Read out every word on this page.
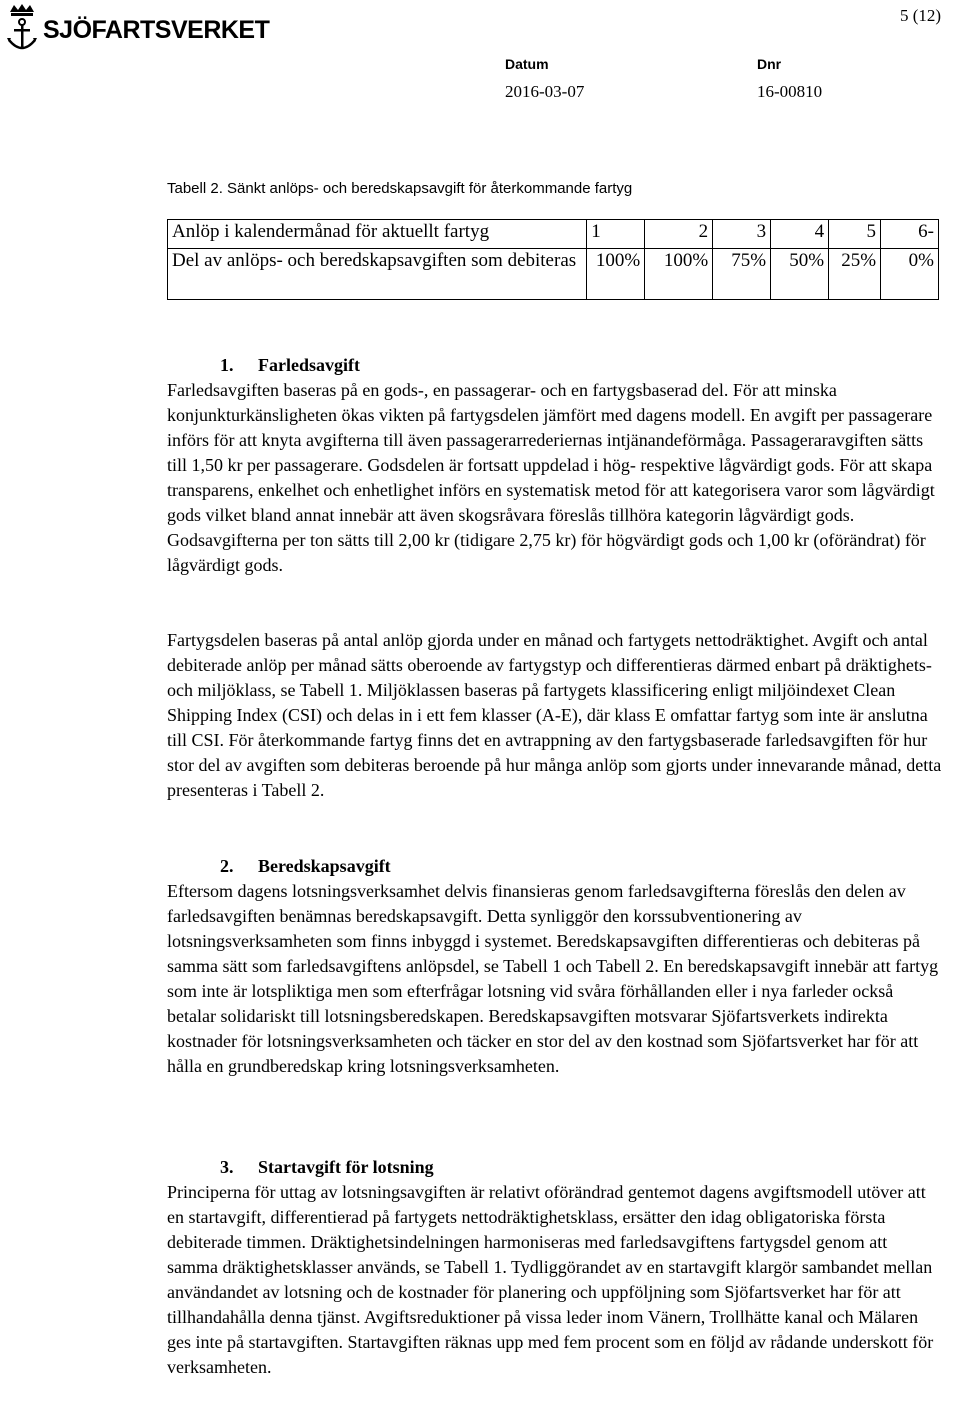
SJÖFARTSVERKET
5 (12)
Datum
2016-03-07
Dnr
16-00810
Tabell 2. Sänkt anlöps- och beredskapsavgift för återkommande fartyg
Anlöp i kalendermånad för aktuellt fartyg	1	2	3	4	5	6-
Del av anlöps- och beredskapsavgiften som debiteras	100%	100%	75%	50%	25%	0%
1. Farledsavgift

Farledsavgiften baseras på en gods-, en passagerar- och en fartygsbaserad del. För att minska konjunkturkänsligheten ökas vikten på fartygsdelen jämfört med dagens modell. En avgift per passagerare införs för att knyta avgifterna till även passagerarrederiernas intjänandeförmåga. Passageraravgiften sätts till 1,50 kr per passagerare. Godsdelen är fortsatt uppdelad i hög- respektive lågvärdigt gods. För att skapa transparens, enkelhet och enhetlighet införs en systematisk metod för att kategorisera varor som lågvärdigt gods vilket bland annat innebär att även skogsråvara föreslås tillhöra kategorin lågvärdigt gods. Godsavgifterna per ton sätts till 2,00 kr (tidigare 2,75 kr) för högvärdigt gods och 1,00 kr (oförändrat) för lågvärdigt gods.

Fartygsdelen baseras på antal anlöp gjorda under en månad och fartygets nettodräktighet. Avgift och antal debiterade anlöp per månad sätts oberoende av fartygstyp och differentieras därmed enbart på dräktighets- och miljöklass, se Tabell 1. Miljöklassen baseras på fartygets klassificering enligt miljöindexet Clean Shipping Index (CSI) och delas in i ett fem klasser (A-E), där klass E omfattar fartyg som inte är anslutna till CSI. För återkommande fartyg finns det en avtrappning av den fartygsbaserade farledsavgiften för hur stor del av avgiften som debiteras beroende på hur många anlöp som gjorts under innevarande månad, detta presenteras i Tabell 2.

2. Beredskapsavgift

Eftersom dagens lotsningsverksamhet delvis finansieras genom farledsavgifterna föreslås den delen av farledsavgiften benämnas beredskapsavgift. Detta synliggör den korssubventionering av lotsningsverksamheten som finns inbyggd i systemet. Beredskapsavgiften differentieras och debiteras på samma sätt som farledsavgiftens anlöpsdel, se Tabell 1 och Tabell 2. En beredskapsavgift innebär att fartyg som inte är lotspliktiga men som efterfrågar lotsning vid svåra förhållanden eller i nya farleder också betalar solidariskt till lotsningsberedskapen. Beredskapsavgiften motsvarar Sjöfartsverkets indirekta kostnader för lotsningsverksamheten och täcker en stor del av den kostnad som Sjöfartsverket har för att hålla en grundberedskap kring lotsningsverksamheten.

3. Startavgift för lotsning

Principerna för uttag av lotsningsavgiften är relativt oförändrad gentemot dagens avgiftsmodell utöver att en startavgift, differentierad på fartygets nettodräktighetsklass, ersätter den idag obligatoriska första debiterade timmen. Dräktighetsindelningen harmoniseras med farledsavgiftens fartygsdel genom att samma dräktighetsklasser används, se Tabell 1. Tydliggörandet av en startavgift klargör sambandet mellan användandet av lotsning och de kostnader för planering och uppföljning som Sjöfartsverket har för att tillhandahålla denna tjänst. Avgiftsreduktioner på vissa leder inom Vänern, Trollhätte kanal och Mälaren ges inte på startavgiften. Startavgiften räknas upp med fem procent som en följd av rådande underskott för verksamheten.
